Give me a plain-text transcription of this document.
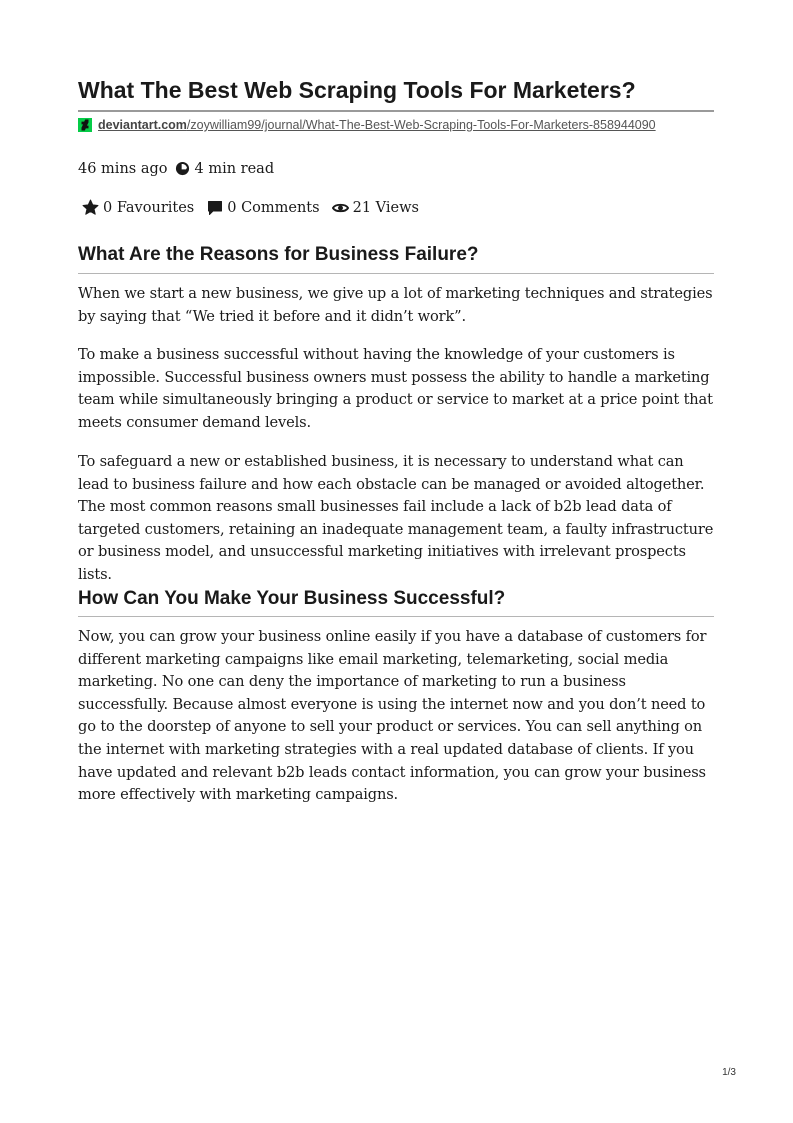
What The Best Web Scraping Tools For Marketers?
deviantart.com/zoywilliam99/journal/What-The-Best-Web-Scraping-Tools-For-Marketers-858944090
46 mins ago 4 min read
0 Favourites 0 Comments 21 Views
What Are the Reasons for Business Failure?

When we start a new business, we give up a lot of marketing techniques and strategies by saying that “We tried it before and it didn’t work”.

To make a business successful without having the knowledge of your customers is impossible. Successful business owners must possess the ability to handle a marketing team while simultaneously bringing a product or service to market at a price point that meets consumer demand levels.

To safeguard a new or established business, it is necessary to understand what can lead to business failure and how each obstacle can be managed or avoided altogether. The most common reasons small businesses fail include a lack of b2b lead data of targeted customers, retaining an inadequate management team, a faulty infrastructure or business model, and unsuccessful marketing initiatives with irrelevant prospects lists.

How Can You Make Your Business Successful?

Now, you can grow your business online easily if you have a database of customers for different marketing campaigns like email marketing, telemarketing, social media marketing. No one can deny the importance of marketing to run a business successfully. Because almost everyone is using the internet now and you don’t need to go to the doorstep of anyone to sell your product or services. You can sell anything on the internet with marketing strategies with a real updated database of clients. If you have updated and relevant b2b leads contact information, you can grow your business more effectively with marketing campaigns.

1/3
